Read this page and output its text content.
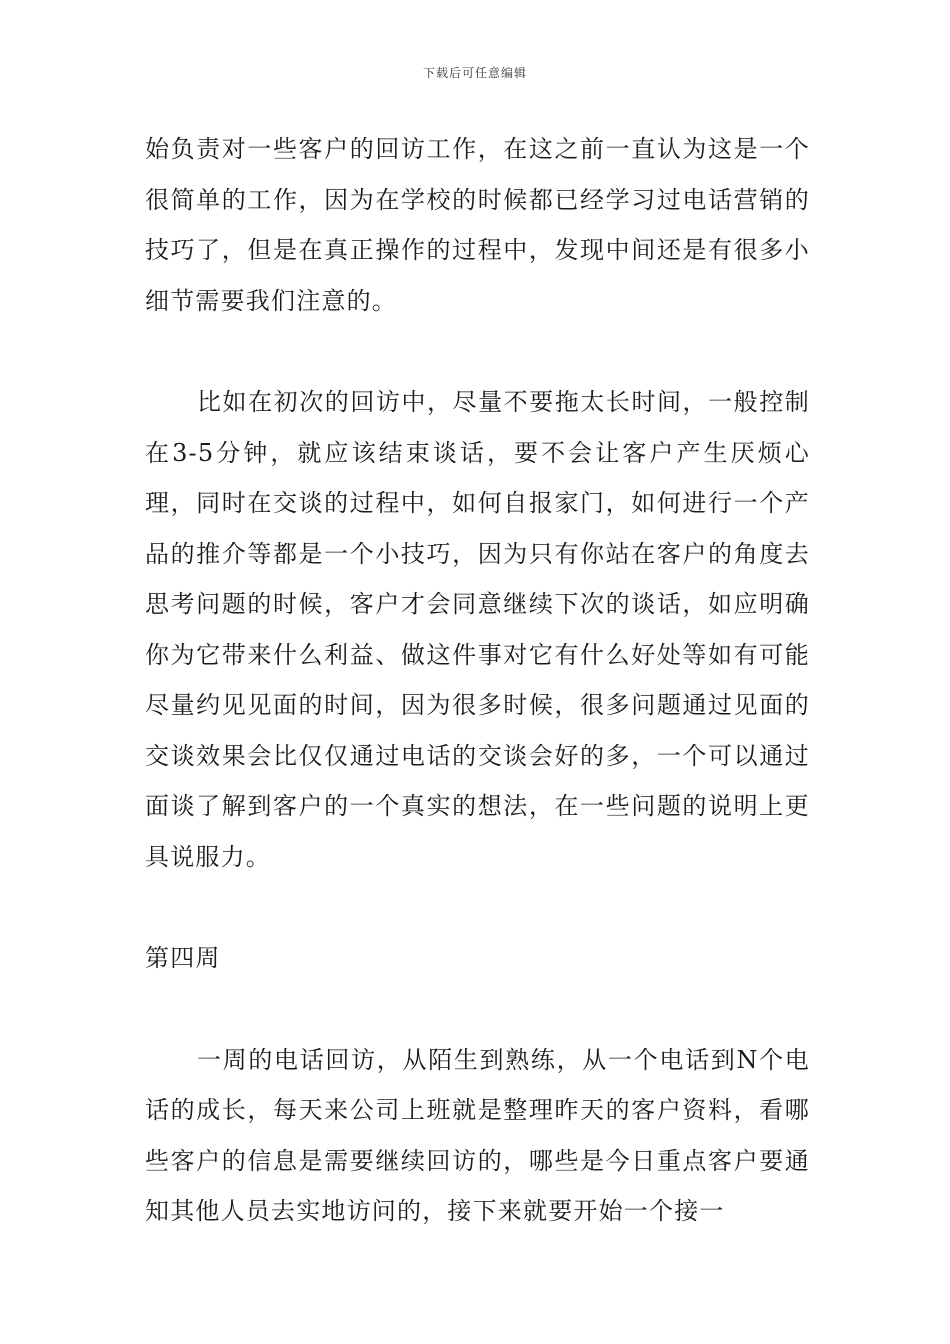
下载后可任意编辑

始负责对一些客户的回访工作，在这之前一直认为这是一个很简单的工作，因为在学校的时候都已经学习过电话营销的技巧了，但是在真正操作的过程中，发现中间还是有很多小细节需要我们注意的。

比如在初次的回访中，尽量不要拖太长时间，一般控制在3-5分钟，就应该结束谈话，要不会让客户产生厌烦心理，同时在交谈的过程中，如何自报家门，如何进行一个产品的推介等都是一个小技巧，因为只有你站在客户的角度去思考问题的时候，客户才会同意继续下次的谈话，如应明确你为它带来什么利益、做这件事对它有什么好处等如有可能尽量约见见面的时间，因为很多时候，很多问题通过见面的交谈效果会比仅仅通过电话的交谈会好的多，一个可以通过面谈了解到客户的一个真实的想法，在一些问题的说明上更具说服力。

第四周

一周的电话回访，从陌生到熟练，从一个电话到N个电话的成长，每天来公司上班就是整理昨天的客户资料，看哪些客户的信息是需要继续回访的，哪些是今日重点客户要通知其他人员去实地访问的，接下来就要开始一个接一
